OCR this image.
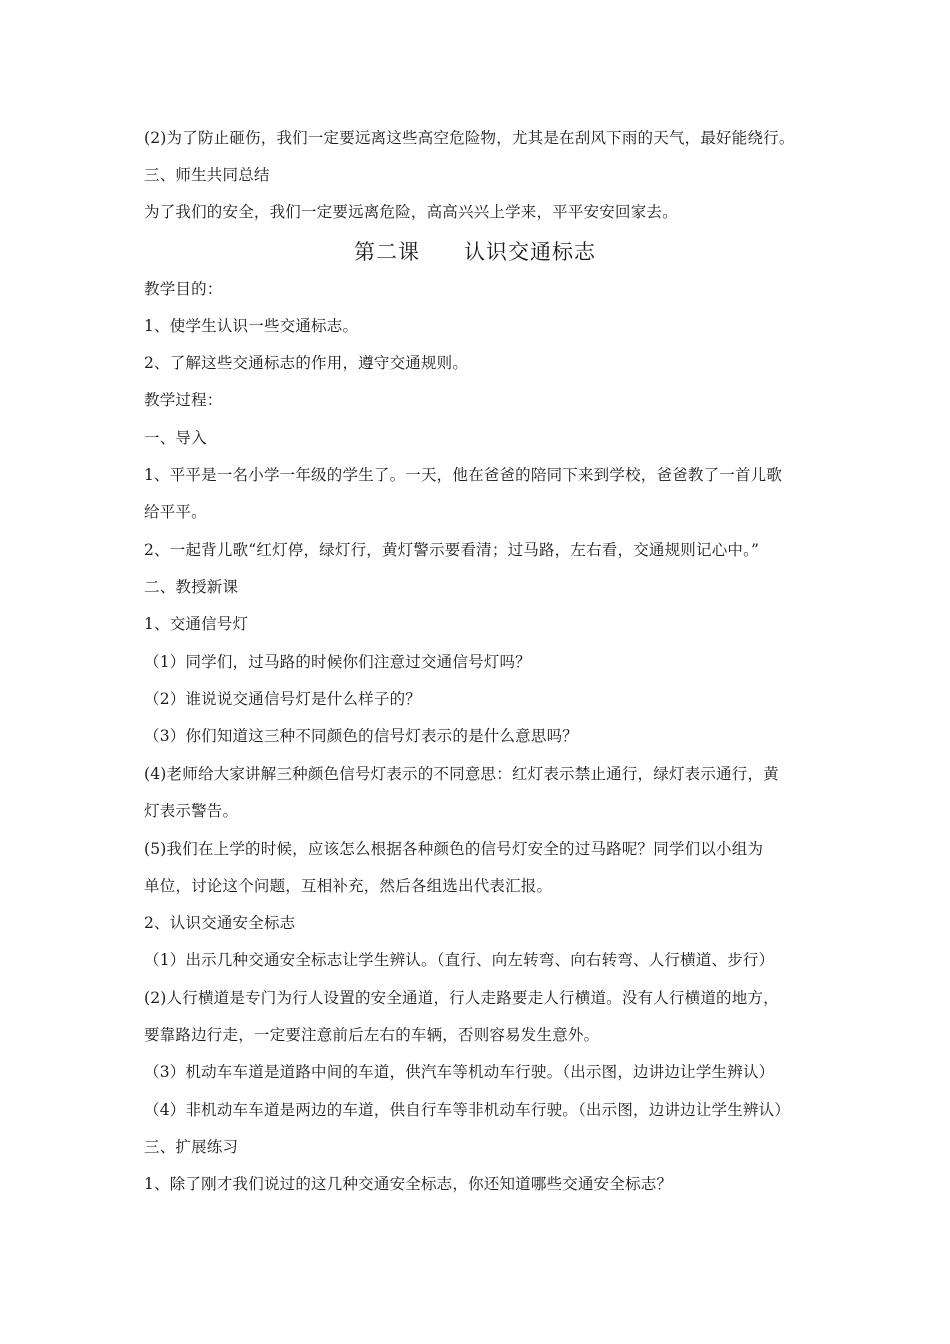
(2)为了防止砸伤，我们一定要远离这些高空危险物，尤其是在刮风下雨的天气，最好能绕行。
三、师生共同总结
为了我们的安全，我们一定要远离危险，高高兴兴上学来，平平安安回家去。
第二课　　认识交通标志
教学目的：
1、使学生认识一些交通标志。
2、了解这些交通标志的作用，遵守交通规则。
教学过程：
一、导入
1、平平是一名小学一年级的学生了。一天，他在爸爸的陪同下来到学校，爸爸教了一首儿歌
给平平。
2、一起背儿歌“红灯停，绿灯行，黄灯警示要看清；过马路，左右看，交通规则记心中。”
二、教授新课
1、交通信号灯
（1）同学们，过马路的时候你们注意过交通信号灯吗？
（2）谁说说交通信号灯是什么样子的？
（3）你们知道这三种不同颜色的信号灯表示的是什么意思吗？
(4)老师给大家讲解三种颜色信号灯表示的不同意思：红灯表示禁止通行，绿灯表示通行，黄
灯表示警告。
(5)我们在上学的时候，应该怎么根据各种颜色的信号灯安全的过马路呢？同学们以小组为
单位，讨论这个问题，互相补充，然后各组选出代表汇报。
2、认识交通安全标志
（1）出示几种交通安全标志让学生辨认。（直行、向左转弯、向右转弯、人行横道、步行）
(2)人行横道是专门为行人设置的安全通道，行人走路要走人行横道。没有人行横道的地方，
要靠路边行走，一定要注意前后左右的车辆，否则容易发生意外。
（3）机动车车道是道路中间的车道，供汽车等机动车行驶。（出示图，边讲边让学生辨认）
（4）非机动车车道是两边的车道，供自行车等非机动车行驶。（出示图，边讲边让学生辨认）
三、扩展练习
1、除了刚才我们说过的这几种交通安全标志，你还知道哪些交通安全标志？
